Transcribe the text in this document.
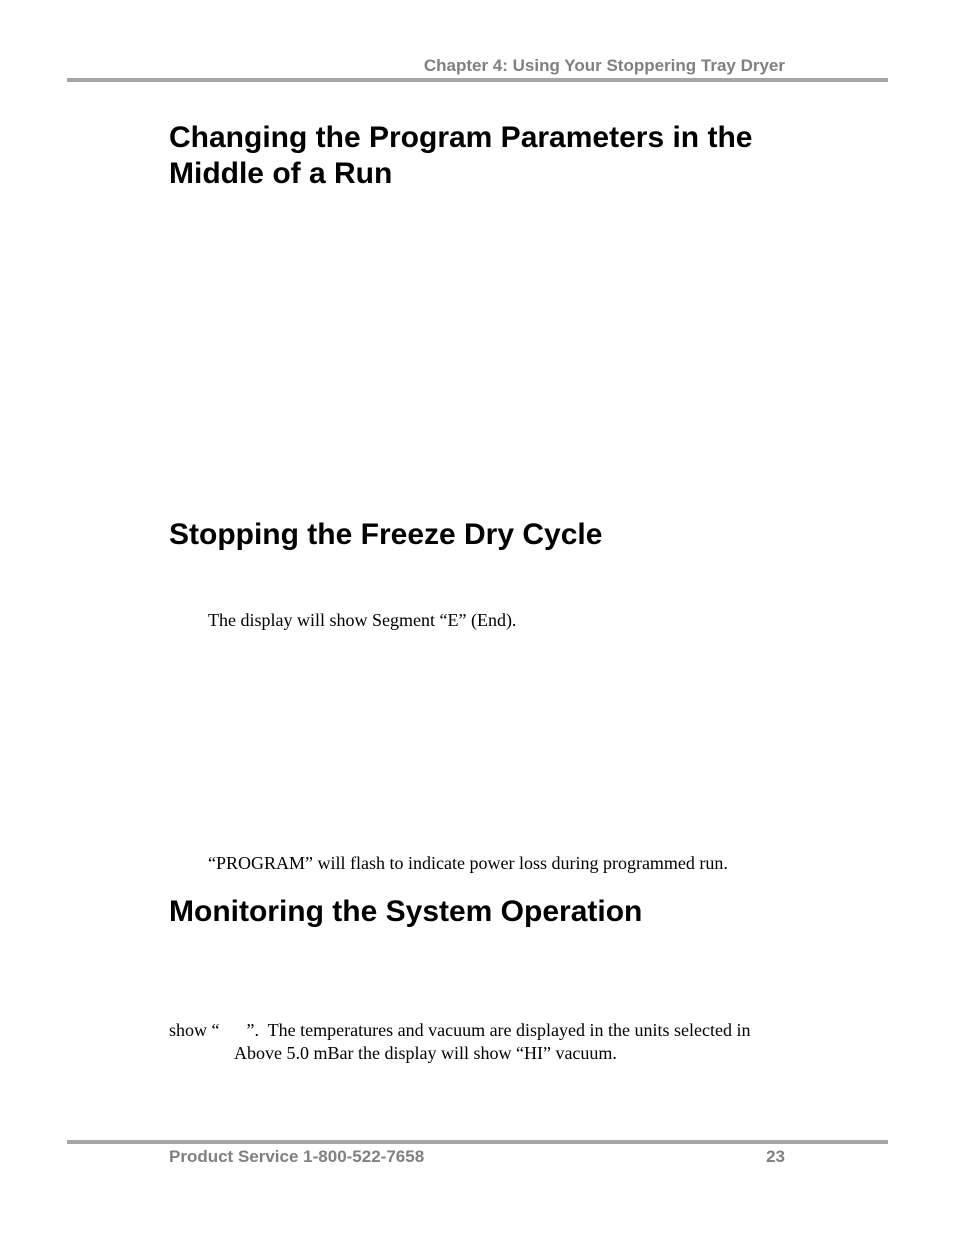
Chapter 4: Using Your Stoppering Tray Dryer
Changing the Program Parameters in the
Middle of a Run
Stopping the Freeze Dry Cycle
The display will show Segment “E” (End).
“PROGRAM” will flash to indicate power loss during programmed run.
Monitoring the System Operation
show “      ”.  The temperatures and vacuum are displayed in the units selected in
Above 5.0 mBar the display will show “HI” vacuum.
Product Service 1-800-522-7658	23
